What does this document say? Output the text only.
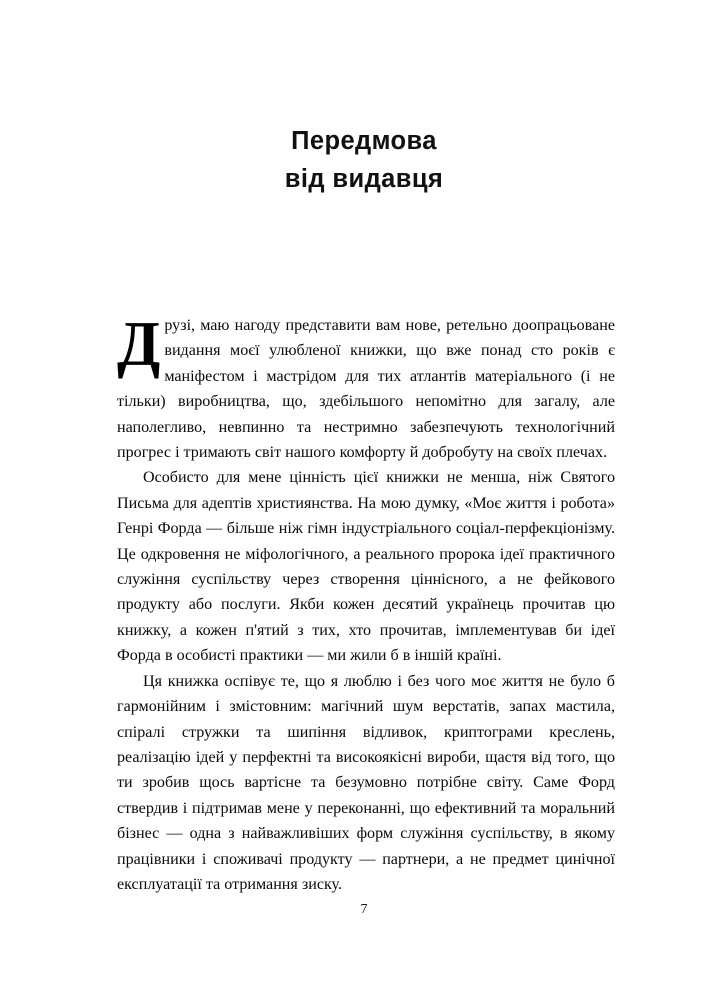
Передмова
від видавця

Д рузі, маю нагоду представити вам нове, ретельно доопрацьоване видання моєї улюбленої книжки, що вже понад сто років є маніфестом і мастрідом для тих атлантів матеріального (і не тільки) виробництва, що, здебільшого непомітно для загалу, але наполегливо, невпинно та нестримно забезпечують технологічний прогрес і тримають світ нашого комфорту й добробуту на своїх плечах.

Особисто для мене цінність цієї книжки не менша, ніж Святого Письма для адептів християнства. На мою думку, «Моє життя і робота» Генрі Форда — більше ніж гімн індустріального соціал-перфекціонізму. Це одкровення не міфологічного, а реального пророка ідеї практичного служіння суспільству через створення ціннісного, а не фейкового продукту або послуги. Якби кожен десятий українець прочитав цю книжку, а кожен п'ятий з тих, хто прочитав, імплементував би ідеї Форда в особисті практики — ми жили б в іншій країні.

Ця книжка оспівує те, що я люблю і без чого моє життя не було б гармонійним і змістовним: магічний шум верстатів, запах мастила, спіралі стружки та шипіння відливок, криптограми креслень, реалізацію ідей у перфектні та високоякісні вироби, щастя від того, що ти зробив щось вартісне та безумовно потрібне світу. Саме Форд ствердив і підтримав мене у переконанні, що ефективний та моральний бізнес — одна з найважливіших форм служіння суспільству, в якому працівники і споживачі продукту — партнери, а не предмет цинічної експлуатації та отримання зиску.

7
